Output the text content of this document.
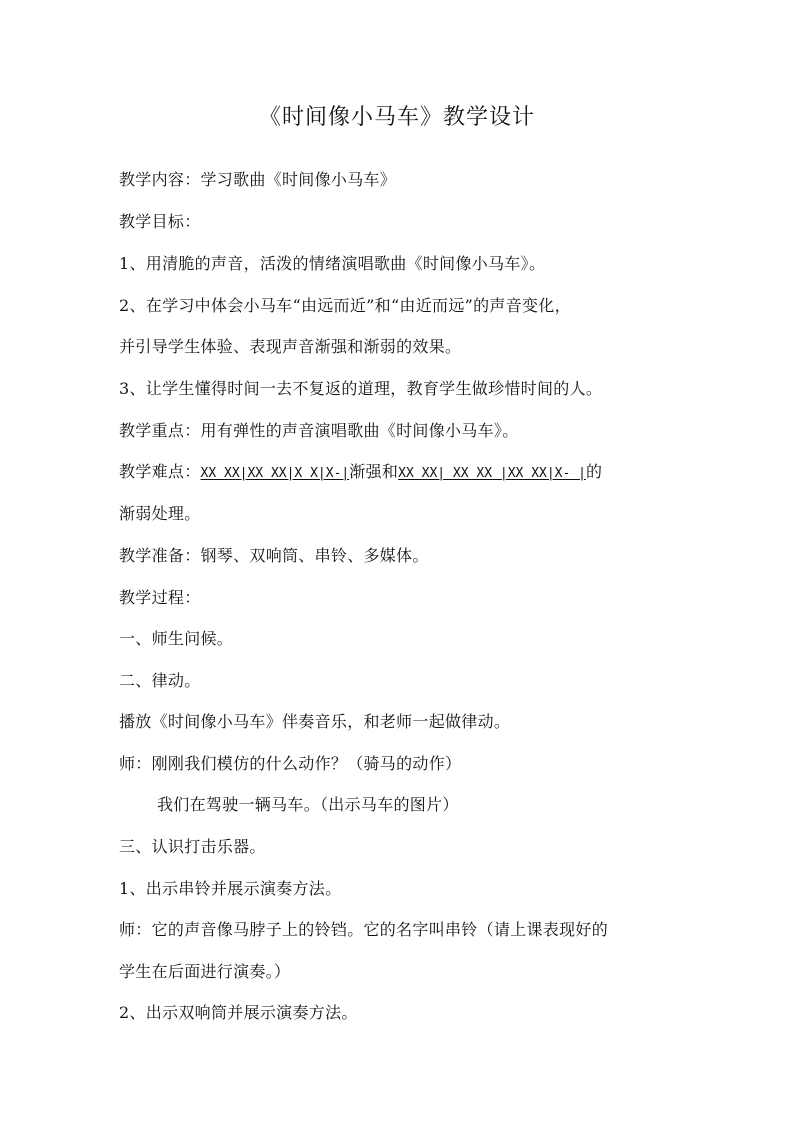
《时间像小马车》教学设计
教学内容：学习歌曲《时间像小马车》
教学目标：
1、用清脆的声音，活泼的情绪演唱歌曲《时间像小马车》。
2、在学习中体会小马车“由远而近”和“由近而远”的声音变化，
并引导学生体验、表现声音渐强和渐弱的效果。
3、让学生懂得时间一去不复返的道理，教育学生做珍惜时间的人。
教学重点：用有弹性的声音演唱歌曲《时间像小马车》。
教学难点：XX XX|XX XX|X X|X-|渐强和XX XX| XX XX |XX XX|X- |的
渐弱处理。
教学准备：钢琴、双响筒、串铃、多媒体。
教学过程：
一、师生问候。
二、律动。
播放《时间像小马车》伴奏音乐，和老师一起做律动。
师：刚刚我们模仿的什么动作？（骑马的动作）
我们在驾驶一辆马车。（出示马车的图片）
三、认识打击乐器。
1、出示串铃并展示演奏方法。
师：它的声音像马脖子上的铃铛。它的名字叫串铃（请上课表现好的
学生在后面进行演奏。）
2、出示双响筒并展示演奏方法。
